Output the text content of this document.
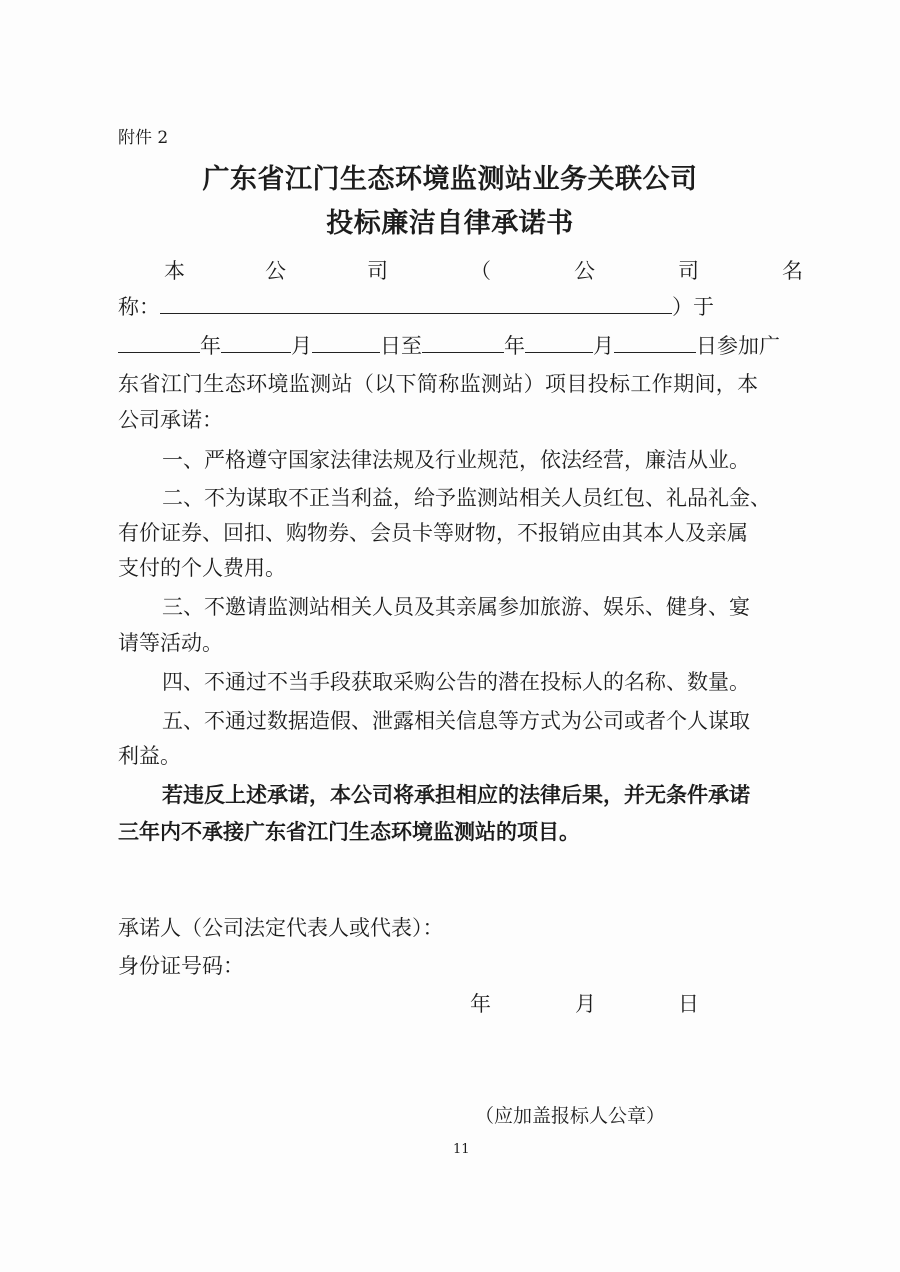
附件 2
广东省江门生态环境监测站业务关联公司
投标廉洁自律承诺书
本	公	司	（	公	司	名
称：	）于
年	月	日至	年	月	日参加广
东省江门生态环境监测站（以下简称监测站）项目投标工作期间，本
公司承诺：
一、严格遵守国家法律法规及行业规范，依法经营，廉洁从业。
二、不为谋取不正当利益，给予监测站相关人员红包、礼品礼金、
有价证券、回扣、购物券、会员卡等财物，不报销应由其本人及亲属
支付的个人费用。
三、不邀请监测站相关人员及其亲属参加旅游、娱乐、健身、宴
请等活动。
四、不通过不当手段获取采购公告的潜在投标人的名称、数量。
五、不通过数据造假、泄露相关信息等方式为公司或者个人谋取
利益。
若违反上述承诺，本公司将承担相应的法律后果，并无条件承诺
三年内不承接广东省江门生态环境监测站的项目。
承诺人（公司法定代表人或代表）：
身份证号码：
年	月	日
（应加盖报标人公章）
11
